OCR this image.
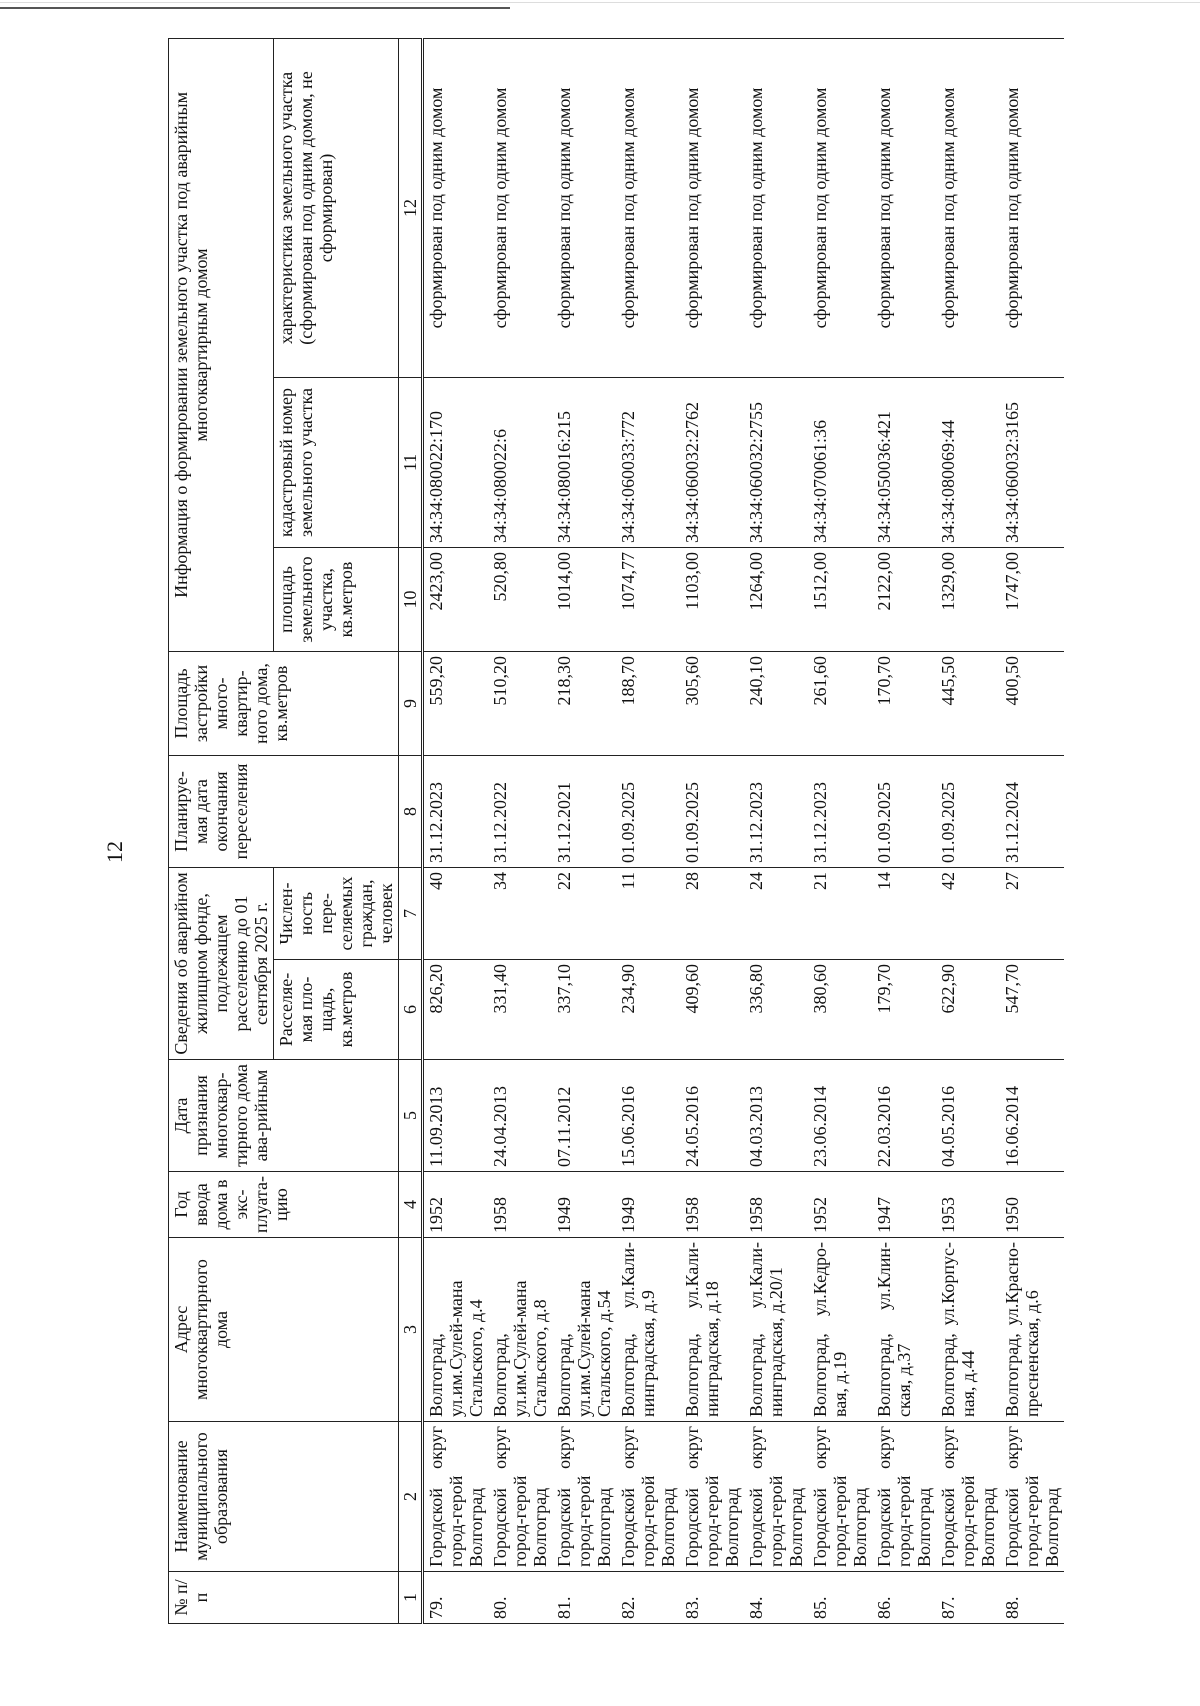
12
№ п/п	Наименование муниципального образования	Адрес многоквартирного дома	Год ввода дома в экс-плуата-цию	Дата признания многоквар-тирного дома ава-рийным	Сведения об аварийном жилищном фонде, подлежащем расселению до 01 сентября 2025 г.		Планируе-мая дата окончания переселения	Площадь застройки много-квартир-ного дома, кв.метров	Информация о формировании земельного участка под аварийным многоквартирным домом		
					Расселяе-мая пло-щадь, кв.метров	Числен-ность пере-селяемых граждан, человек			площадь земельного участка, кв.метров	кадастровый номер земельного участка	характеристика земельного участка (сформирован под одним домом, не сформирован)
1	2	3	4	5	6	7	8	9	10	11	12
79.	Городской округ город-герой Волгоград	Волгоград, ул.им.Сулей-мана Стальского, д.4	1952	11.09.2013	826,20	40	31.12.2023	559,20	2423,00	34:34:080022:170	сформирован под одним домом
80.	Городской округ город-герой Волгоград	Волгоград, ул.им.Сулей-мана Стальского, д.8	1958	24.04.2013	331,40	34	31.12.2022	510,20	520,80	34:34:080022:6	сформирован под одним домом
81.	Городской округ город-герой Волгоград	Волгоград, ул.им.Сулей-мана Стальского, д.54	1949	07.11.2012	337,10	22	31.12.2021	218,30	1014,00	34:34:080016:215	сформирован под одним домом
82.	Городской округ город-герой Волгоград	Волгоград, ул.Кали-нинградская, д.9	1949	15.06.2016	234,90	11	01.09.2025	188,70	1074,77	34:34:060033:772	сформирован под одним домом
83.	Городской округ город-герой Волгоград	Волгоград, ул.Кали-нинградская, д.18	1958	24.05.2016	409,60	28	01.09.2025	305,60	1103,00	34:34:060032:2762	сформирован под одним домом
84.	Городской округ город-герой Волгоград	Волгоград, ул.Кали-нинградская, д.20/1	1958	04.03.2013	336,80	24	31.12.2023	240,10	1264,00	34:34:060032:2755	сформирован под одним домом
85.	Городской округ город-герой Волгоград	Волгоград, ул.Кедро-вая, д.19	1952	23.06.2014	380,60	21	31.12.2023	261,60	1512,00	34:34:070061:36	сформирован под одним домом
86.	Городской округ город-герой Волгоград	Волгоград, ул.Клин-ская, д.37	1947	22.03.2016	179,70	14	01.09.2025	170,70	2122,00	34:34:050036:421	сформирован под одним домом
87.	Городской округ город-герой Волгоград	Волгоград, ул.Корпус-ная, д.44	1953	04.05.2016	622,90	42	01.09.2025	445,50	1329,00	34:34:080069:44	сформирован под одним домом
88.	Городской округ город-герой Волгоград	Волгоград, ул.Красно-пресненская, д.6	1950	16.06.2014	547,70	27	31.12.2024	400,50	1747,00	34:34:060032:3165	сформирован под одним домом
